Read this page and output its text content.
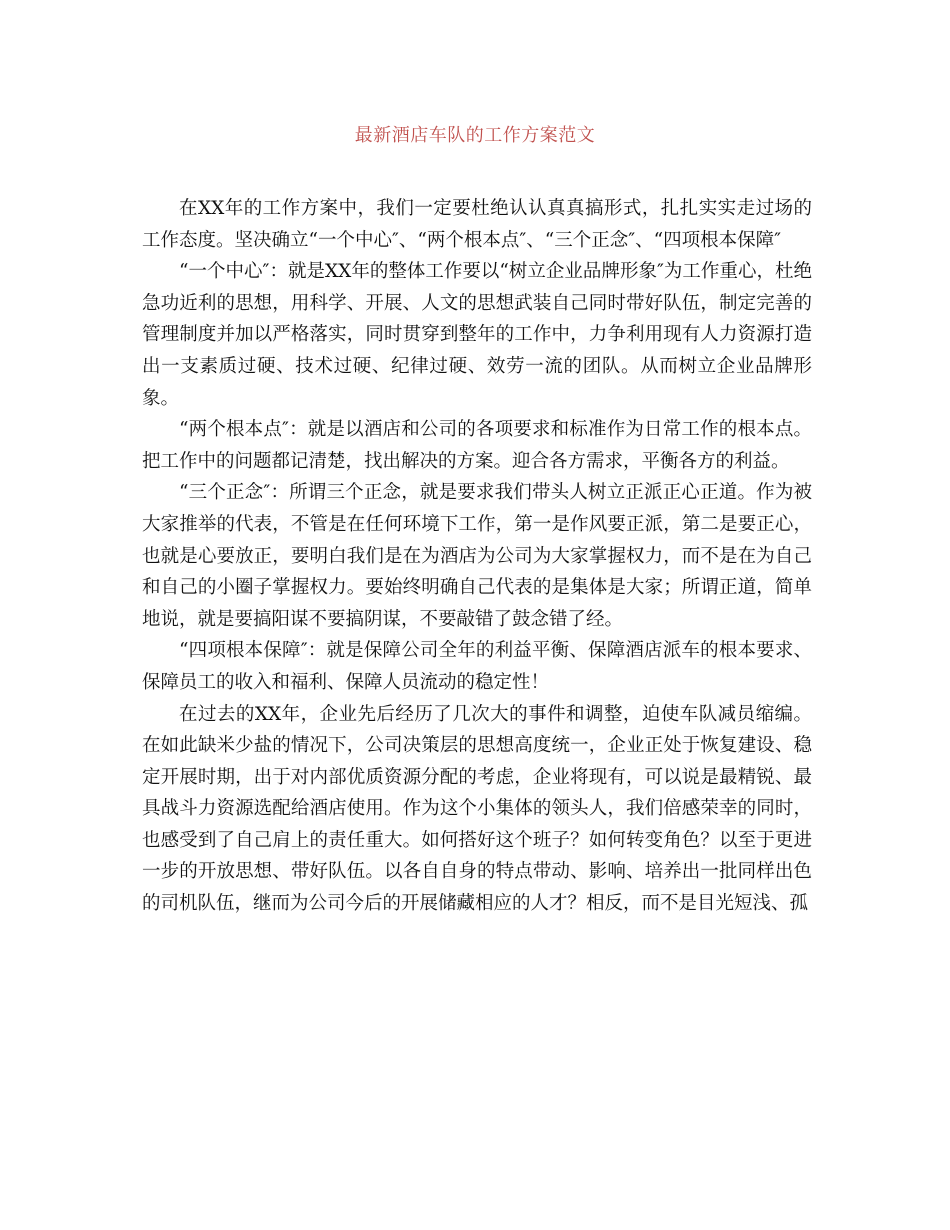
最新酒店车队的工作方案范文

在XX年的工作方案中，我们一定要杜绝认认真真搞形式，扎扎实实走过场的工作态度。坚决确立“一个中心″、“两个根本点″、“三个正念″、“四项根本保障″

“一个中心″：就是XX年的整体工作要以“树立企业品牌形象″为工作重心，杜绝急功近利的思想，用科学、开展、人文的思想武装自己同时带好队伍，制定完善的管理制度并加以严格落实，同时贯穿到整年的工作中，力争利用现有人力资源打造出一支素质过硬、技术过硬、纪律过硬、效劳一流的团队。从而树立企业品牌形象。

“两个根本点″：就是以酒店和公司的各项要求和标准作为日常工作的根本点。把工作中的问题都记清楚，找出解决的方案。迎合各方需求，平衡各方的利益。

“三个正念″：所谓三个正念，就是要求我们带头人树立正派正心正道。作为被大家推举的代表，不管是在任何环境下工作，第一是作风要正派，第二是要正心，也就是心要放正，要明白我们是在为酒店为公司为大家掌握权力，而不是在为自己和自己的小圈子掌握权力。要始终明确自己代表的是集体是大家；所谓正道，简单地说，就是要搞阳谋不要搞阴谋，不要敲错了鼓念错了经。

“四项根本保障″：就是保障公司全年的利益平衡、保障酒店派车的根本要求、保障员工的收入和福利、保障人员流动的稳定性！

在过去的XX年，企业先后经历了几次大的事件和调整，迫使车队减员缩编。在如此缺米少盐的情况下，公司决策层的思想高度统一，企业正处于恢复建设、稳定开展时期，出于对内部优质资源分配的考虑，企业将现有，可以说是最精锐、最具战斗力资源选配给酒店使用。作为这个小集体的领头人，我们倍感荣幸的同时，也感受到了自己肩上的责任重大。如何搭好这个班子？如何转变角色？以至于更进一步的开放思想、带好队伍。以各自自身的特点带动、影响、培养出一批同样出色的司机队伍，继而为公司今后的开展储藏相应的人才？相反，而不是目光短浅、孤
